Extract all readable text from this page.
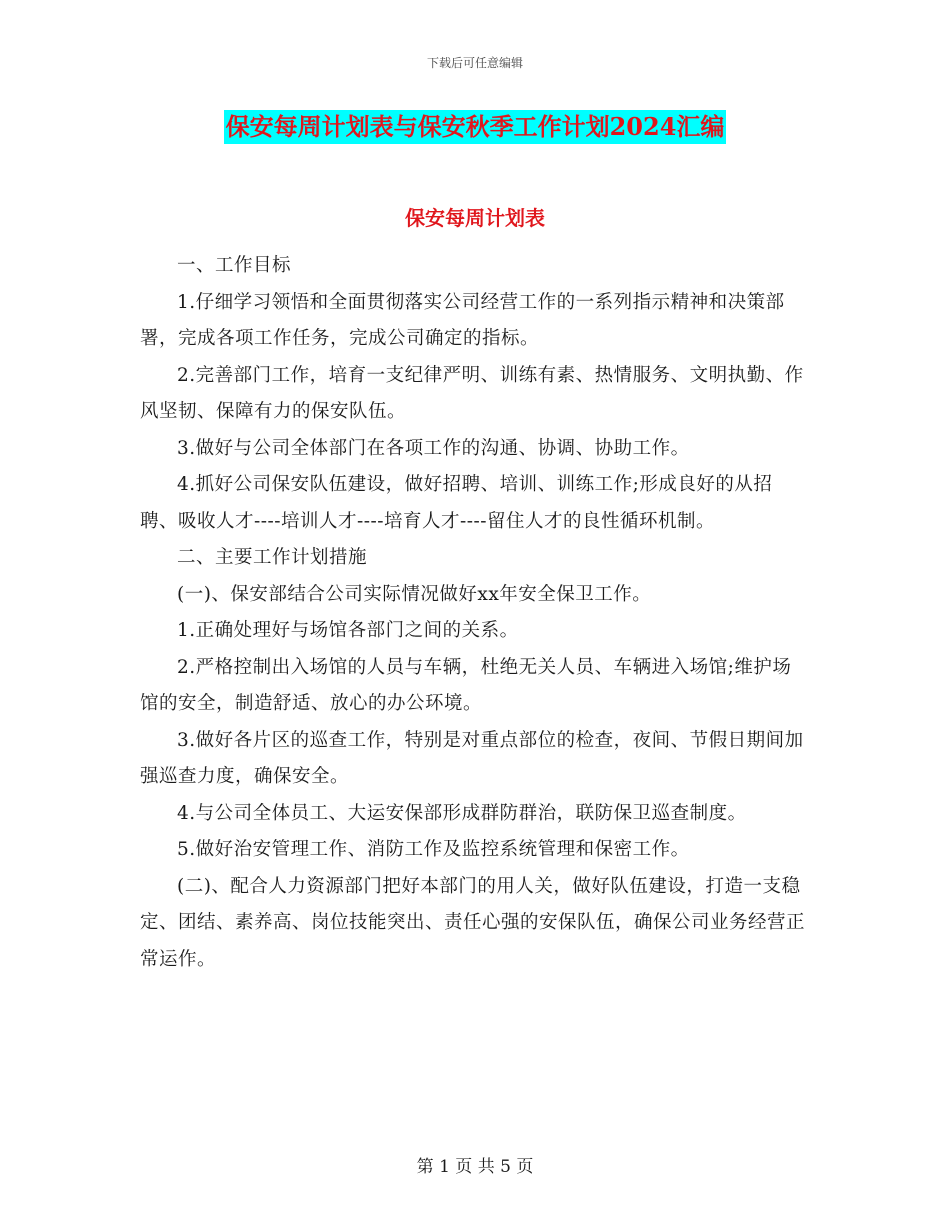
下载后可任意编辑
保安每周计划表与保安秋季工作计划2024汇编
保安每周计划表

一、工作目标

1.仔细学习领悟和全面贯彻落实公司经营工作的一系列指示精神和决策部署，完成各项工作任务，完成公司确定的指标。

2.完善部门工作，培育一支纪律严明、训练有素、热情服务、文明执勤、作风坚韧、保障有力的保安队伍。

3.做好与公司全体部门在各项工作的沟通、协调、协助工作。

4.抓好公司保安队伍建设，做好招聘、培训、训练工作;形成良好的从招聘、吸收人才----培训人才----培育人才----留住人才的良性循环机制。

二、主要工作计划措施

(一)、保安部结合公司实际情况做好xx年安全保卫工作。

1.正确处理好与场馆各部门之间的关系。

2.严格控制出入场馆的人员与车辆，杜绝无关人员、车辆进入场馆;维护场馆的安全，制造舒适、放心的办公环境。

3.做好各片区的巡查工作，特别是对重点部位的检查，夜间、节假日期间加强巡查力度，确保安全。

4.与公司全体员工、大运安保部形成群防群治，联防保卫巡查制度。

5.做好治安管理工作、消防工作及监控系统管理和保密工作。

(二)、配合人力资源部门把好本部门的用人关，做好队伍建设，打造一支稳定、团结、素养高、岗位技能突出、责任心强的安保队伍，确保公司业务经营正常运作。

第 1 页 共 5 页
